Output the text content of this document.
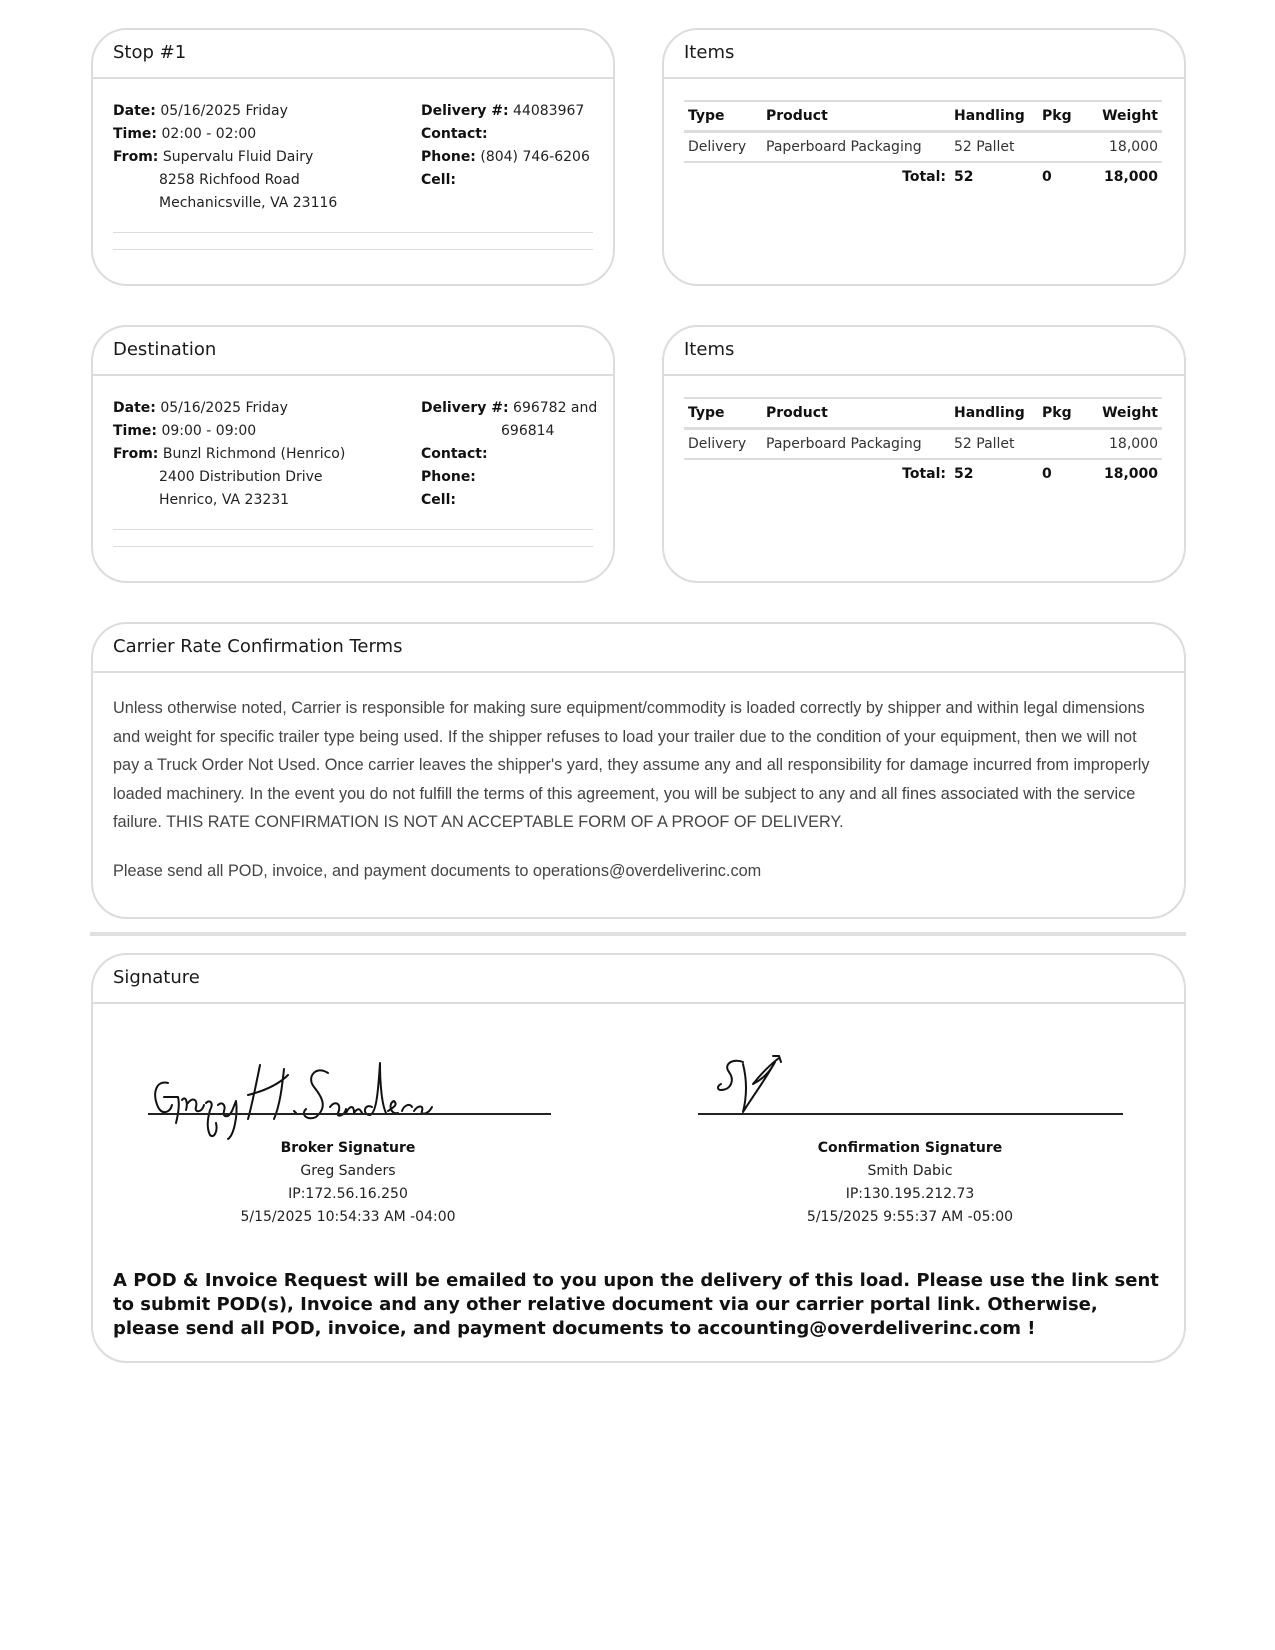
Stop #1
Date: 05/16/2025 Friday
Time: 02:00 - 02:00
From: Supervalu Fluid Dairy
8258 Richfood Road
Mechanicsville, VA 23116
Delivery #: 44083967
Contact:
Phone: (804) 746-6206
Cell:
Items
Type	Product	Handling	Pkg	Weight
Delivery	Paperboard Packaging	52 Pallet		18,000
	Total:	52	0	18,000
Destination
Date: 05/16/2025 Friday
Time: 09:00 - 09:00
From: Bunzl Richmond (Henrico)
2400 Distribution Drive
Henrico, VA 23231
Delivery #: 696782 and
696814
Contact:
Phone:
Cell:
Items
Type	Product	Handling	Pkg	Weight
Delivery	Paperboard Packaging	52 Pallet		18,000
	Total:	52	0	18,000
Carrier Rate Confirmation Terms
Unless otherwise noted, Carrier is responsible for making sure equipment/commodity is loaded correctly by shipper and within legal dimensions and weight for specific trailer type being used. If the shipper refuses to load your trailer due to the condition of your equipment, then we will not pay a Truck Order Not Used. Once carrier leaves the shipper's yard, they assume any and all responsibility for damage incurred from improperly loaded machinery. In the event you do not fulfill the terms of this agreement, you will be subject to any and all fines associated with the service failure. THIS RATE CONFIRMATION IS NOT AN ACCEPTABLE FORM OF A PROOF OF DELIVERY.
Please send all POD, invoice, and payment documents to operations@overdeliverinc.com
Signature
Broker Signature
Greg Sanders
IP:172.56.16.250
5/15/2025 10:54:33 AM -04:00
Confirmation Signature
Smith Dabic
IP:130.195.212.73
5/15/2025 9:55:37 AM -05:00
A POD & Invoice Request will be emailed to you upon the delivery of this load. Please use the link sent to submit POD(s), Invoice and any other relative document via our carrier portal link. Otherwise, please send all POD, invoice, and payment documents to accounting@overdeliverinc.com !
